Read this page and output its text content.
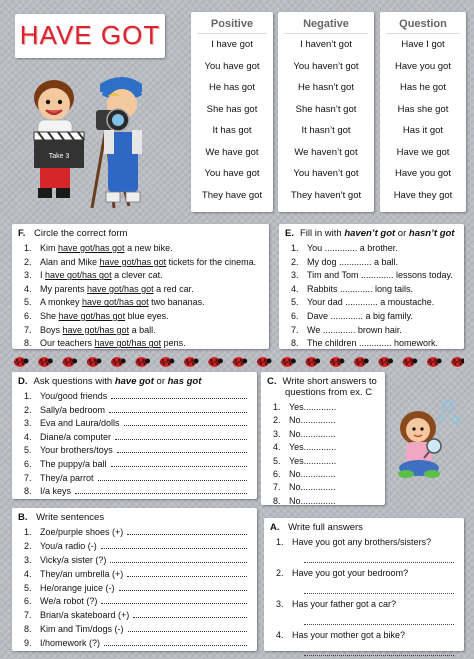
HAVE GOT
Take 3
Positive
I have got
You have got
He has got
She has got
It has got
We have got
You have got
They have got
Negative
I haven’t got
You haven’t got
He hasn’t got
She hasn’t got
It hasn’t got
We haven’t got
You haven’t got
They haven’t got
Question
Have I got
Have you got
Has he got
Has she got
Has it got
Have we got
Have you got
Have they got
F. Circle the correct form
1. Kim have got/has got a new bike.
2. Alan and Mike have got/has got tickets for the cinema.
3. I have got/has got a clever cat.
4. My parents have got/has got a red car.
5. A monkey have got/has got two bananas.
6. She have got/has got blue eyes.
7. Boys have got/has got a ball.
8. Our teachers have got/has got pens.
E. Fill in with haven’t got or hasn’t got
1. You ............. a brother.
2. My dog ............. a ball.
3. Tim and Tom ............. lessons today.
4. Rabbits ............. long tails.
5. Your dad ............. a moustache.
6. Dave ............. a big family.
7. We ............. brown hair.
8. The children ............. homework.
D. Ask questions with have got or has got
1. You/good friends
2. Sally/a bedroom
3. Eva and Laura/dolls
4. Diane/a computer
5. Your brothers/toys
6. The puppy/a ball
7. They/a parrot
8. I/a keys
C. Write short answers to
questions from ex. C
1. Yes.............
2. No..............
3. No..............
4. Yes.............
5. Yes.............
6. No..............
7. No..............
8. No..............
B. Write sentences
1. Zoe/purple shoes (+)
2. You/a radio (-)
3. Vicky/a sister (?)
4. They/an umbrella (+)
5. He/orange juice (-)
6. We/a robot (?)
7. Brian/a skateboard (+)
8. Kim and Tim/dogs (-)
9. I/homework (?)
A. Write full answers
1. Have you got any brothers/sisters?
2. Have you got your bedroom?
3. Has your father got a car?
4. Has your mother got a bike?
